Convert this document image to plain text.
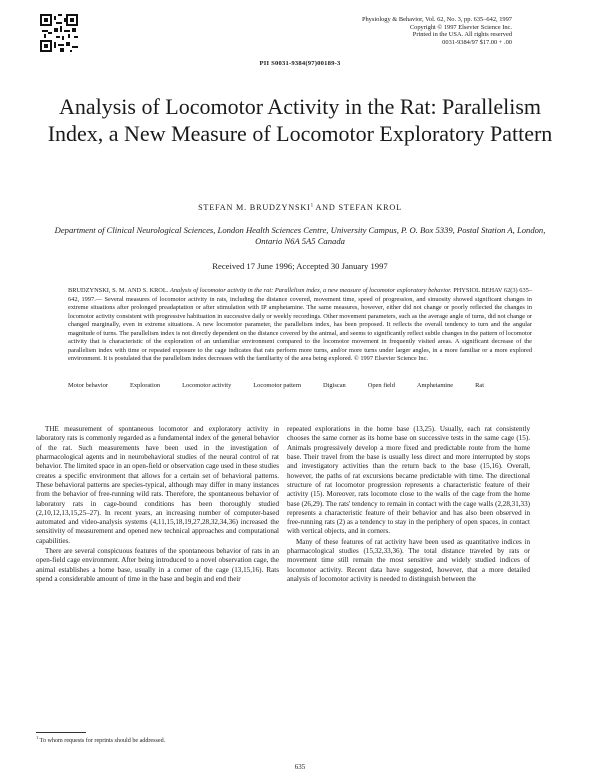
Physiology & Behavior, Vol. 62, No. 3, pp. 635–642, 1997
Copyright © 1997 Elsevier Science Inc.
Printed in the USA. All rights reserved
0031-9384/97 $17.00 + .00
PII S0031-9384(97)00189-3
Analysis of Locomotor Activity in the Rat: Parallelism Index, a New Measure of Locomotor Exploratory Pattern
STEFAN M. BRUDZYNSKI$^1$ AND STEFAN KROL
Department of Clinical Neurological Sciences, London Health Sciences Centre, University Campus, P. O. Box 5339, Postal Station A, London, Ontario N6A 5A5 Canada
Received 17 June 1996; Accepted 30 January 1997
BRUDZYNSKI, S. M. AND S. KROL. Analysis of locomotor activity in the rat: Parallelism index, a new measure of locomotor exploratory behavior. PHYSIOL BEHAV 62(3) 635–642, 1997.— Several measures of locomotor activity in rats, including the distance covered, movement time, speed of progression, and sinuosity showed significant changes in extreme situations after prolonged preadaptation or after stimulation with IP amphetamine. The same measures, however, either did not change or poorly reflected the changes in locomotor activity consistent with progressive habituation in successive daily or weekly recordings. Other movement parameters, such as the average angle of turns, did not change or changed marginally, even in extreme situations. A new locomotor parameter, the parallelism index, has been proposed. It reflects the overall tendency to turn and the angular magnitude of turns. The parallelism index is not directly dependent on the distance covered by the animal, and seems to significantly reflect subtle changes in the pattern of locomotor activity that is characteristic of the exploration of an unfamiliar environment compared to the locomotor movement in frequently visited areas. A significant decrease of the parallelism index with time or repeated exposure to the cage indicates that rats perform more turns, and/or more turns under larger angles, in a more familiar or a more explored environment. It is postulated that the parallelism index decreases with the familiarity of the area being explored. © 1997 Elsevier Science Inc.
Motor behavior	Exploration	Locomotor activity	Locomotor pattern	Digiscan	Open field	Amphetamine	Rat

THE measurement of spontaneous locomotor and exploratory activity in laboratory rats is commonly regarded as a fundamental index of the general behavior of the rat. Such measurements have been used in the investigation of pharmacological agents and in neurobehavioral studies of the neural control of rat behavior. The limited space in an open-field or observation cage used in these studies creates a specific environment that allows for a certain set of behavioral patterns. These behavioral patterns are species-typical, although may differ in many instances from the behavior of free-running wild rats. Therefore, the spontaneous behavior of laboratory rats in cage-bound conditions has been thoroughly studied (2,10,12,13,15,25–27). In recent years, an increasing number of computer-based automated and video-analysis systems (4,11,15,18,19,27,28,32,34,36) increased the sensitivity of measurement and opened new technical approaches and computational capabilities.

There are several conspicuous features of the spontaneous behavior of rats in an open-field cage environment. After being introduced to a novel observation cage, the animal establishes a home base, usually in a corner of the cage (13,15,16). Rats spend a considerable amount of time in the base and begin and end their

repeated explorations in the home base (13,25). Usually, each rat consistently chooses the same corner as its home base on successive tests in the same cage (15). Animals progressively develop a more fixed and predictable route from the home base. Their travel from the base is usually less direct and more interrupted by stops and investigatory activities than the return back to the base (15,16). Overall, however, the paths of rat excursions became predictable with time. The directional structure of rat locomotor progression represents a characteristic feature of their activity (15). Moreover, rats locomote close to the walls of the cage from the home base (26,29). The rats' tendency to remain in contact with the cage walls (2,28,31,33) represents a characteristic feature of their behavior and has also been observed in free-running rats (2) as a tendency to stay in the periphery of open spaces, in contact with vertical objects, and in corners.

Many of these features of rat activity have been used as quantitative indices in pharmacological studies (15,32,33,36). The total distance traveled by rats or movement time still remain the most sensitive and widely studied indices of locomotor activity. Recent data have suggested, however, that a more detailed analysis of locomotor activity is needed to distinguish between the

$^1$ To whom requests for reprints should be addressed.
635
